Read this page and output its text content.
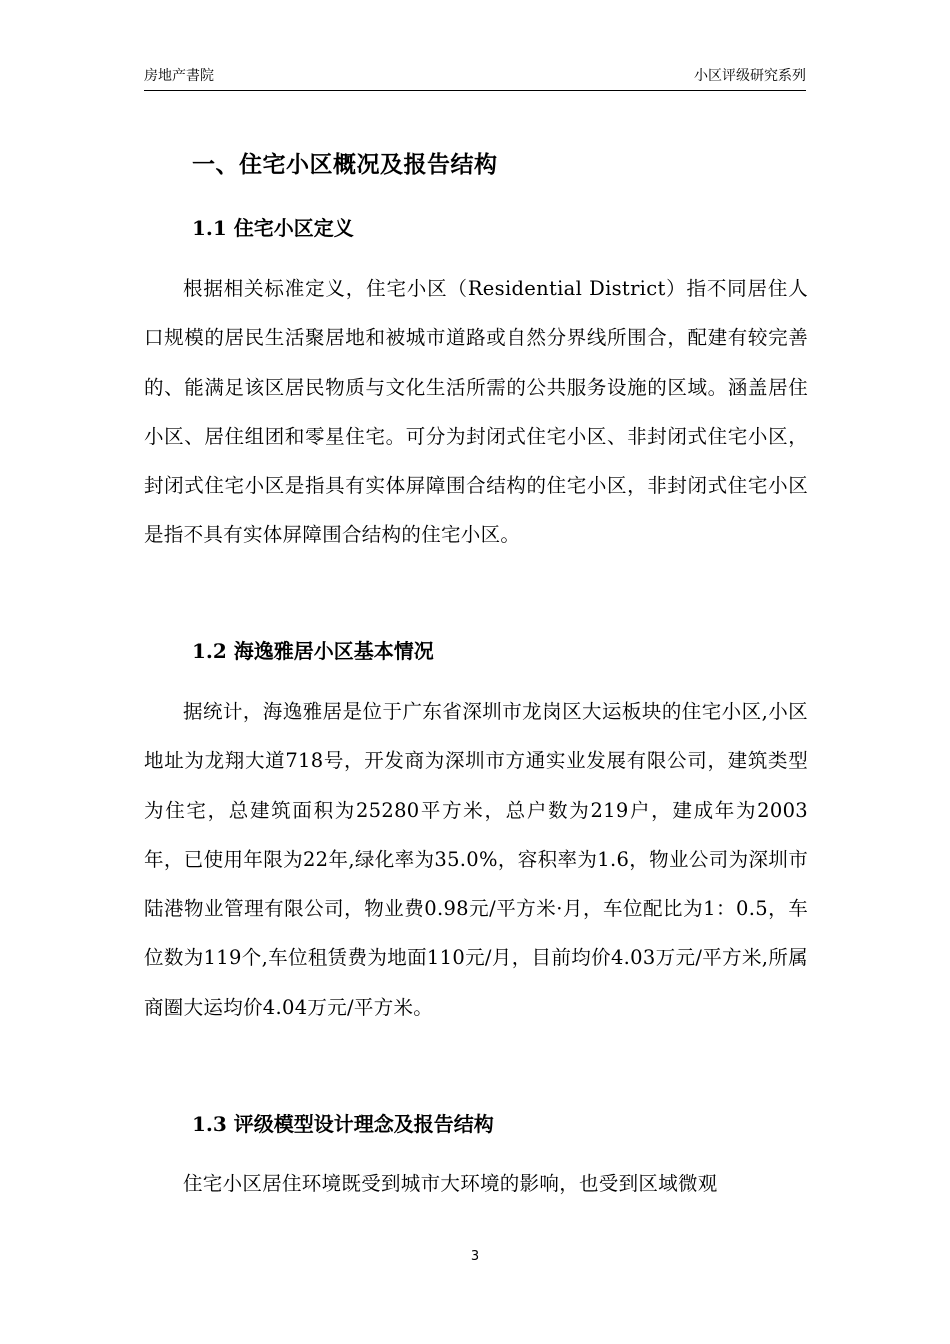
房地产書院	小区评级研究系列
一、住宅小区概况及报告结构
1.1 住宅小区定义
根据相关标准定义，住宅小区（Residential District）指不同居住人口规模的居民生活聚居地和被城市道路或自然分界线所围合，配建有较完善的、能满足该区居民物质与文化生活所需的公共服务设施的区域。涵盖居住小区、居住组团和零星住宅。可分为封闭式住宅小区、非封闭式住宅小区，封闭式住宅小区是指具有实体屏障围合结构的住宅小区，非封闭式住宅小区是指不具有实体屏障围合结构的住宅小区。
1.2 海逸雅居小区基本情况
据统计，海逸雅居是位于广东省深圳市龙岗区大运板块的住宅小区,小区地址为龙翔大道718号，开发商为深圳市方通实业发展有限公司，建筑类型为住宅，总建筑面积为25280平方米，总户数为219户，建成年为2003年，已使用年限为22年,绿化率为35.0%，容积率为1.6，物业公司为深圳市陆港物业管理有限公司，物业费0.98元/平方米·月，车位配比为1：0.5，车位数为119个,车位租赁费为地面110元/月，目前均价4.03万元/平方米,所属商圈大运均价4.04万元/平方米。
1.3 评级模型设计理念及报告结构
住宅小区居住环境既受到城市大环境的影响，也受到区域微观
3
